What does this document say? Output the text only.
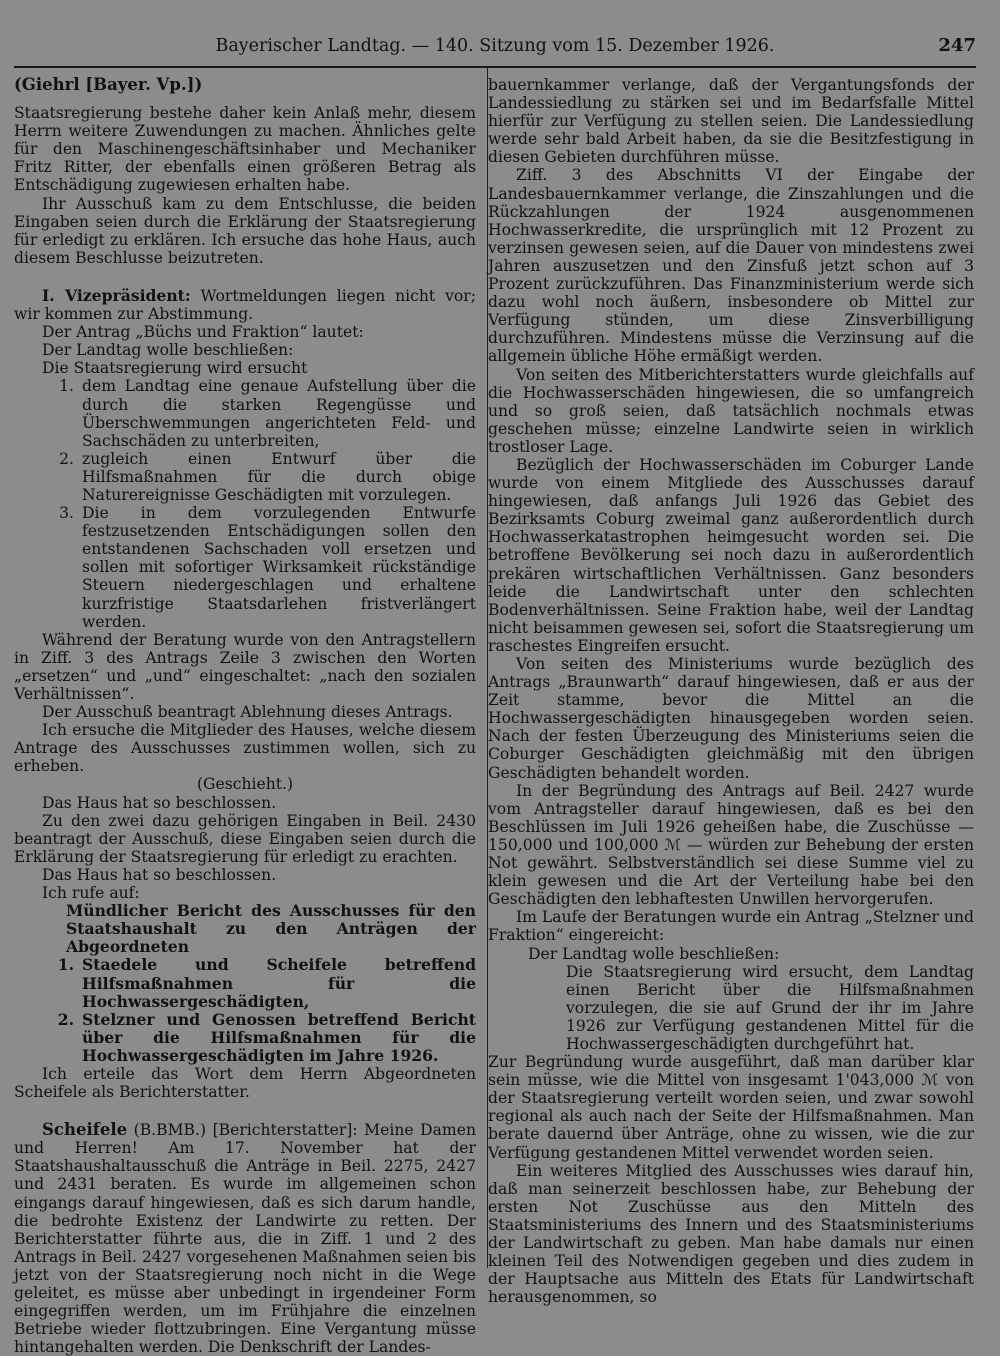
Bayerischer Landtag. — 140. Sitzung vom 15. Dezember 1926.	247

(Giehrl [Bayer. Vp.])

Staatsregierung bestehe daher kein Anlaß mehr, diesem Herrn weitere Zuwendungen zu machen. Ähnliches gelte für den Maschinengeschäftsinhaber und Mechaniker Fritz Ritter, der ebenfalls einen größeren Betrag als Entschädigung zugewiesen erhalten habe.

Ihr Ausschuß kam zu dem Entschlusse, die beiden Eingaben seien durch die Erklärung der Staatsregierung für erledigt zu erklären. Ich ersuche das hohe Haus, auch diesem Beschlusse beizutreten.

I. Vizepräsident: Wortmeldungen liegen nicht vor; wir kommen zur Abstimmung.

Der Antrag „Büchs und Fraktion“ lautet:

Der Landtag wolle beschließen:

Die Staatsregierung wird ersucht

1. dem Landtag eine genaue Aufstellung über die durch die starken Regengüsse und Überschwemmungen angerichteten Feld- und Sachschäden zu unterbreiten,
2. zugleich einen Entwurf über die Hilfsmaßnahmen für die durch obige Naturereignisse Geschädigten mit vorzulegen.
3. Die in dem vorzulegenden Entwurfe festzusetzenden Entschädigungen sollen den entstandenen Sachschaden voll ersetzen und sollen mit sofortiger Wirksamkeit rückständige Steuern niedergeschlagen und erhaltene kurzfristige Staatsdarlehen fristverlängert werden.

Während der Beratung wurde von den Antragstellern in Ziff. 3 des Antrags Zeile 3 zwischen den Worten „ersetzen“ und „und“ eingeschaltet: „nach den sozialen Verhältnissen“.

Der Ausschuß beantragt Ablehnung dieses Antrags.

Ich ersuche die Mitglieder des Hauses, welche diesem Antrage des Ausschusses zustimmen wollen, sich zu erheben.

(Geschieht.)

Das Haus hat so beschlossen.

Zu den zwei dazu gehörigen Eingaben in Beil. 2430 beantragt der Ausschuß, diese Eingaben seien durch die Erklärung der Staatsregierung für erledigt zu erachten.

Das Haus hat so beschlossen.

Ich rufe auf:

Mündlicher Bericht des Ausschusses für den Staatshaushalt zu den Anträgen der Abgeordneten

1. Staedele und Scheifele betreffend Hilfsmaßnahmen für die Hochwassergeschädigten,
2. Stelzner und Genossen betreffend Bericht über die Hilfsmaßnahmen für die Hochwassergeschädigten im Jahre 1926.

Ich erteile das Wort dem Herrn Abgeordneten Scheifele als Berichterstatter.

Scheifele (B.BMB.) [Berichterstatter]: Meine Damen und Herren! Am 17. November hat der Staatshaushaltausschuß die Anträge in Beil. 2275, 2427 und 2431 beraten. Es wurde im allgemeinen schon eingangs darauf hingewiesen, daß es sich darum handle, die bedrohte Existenz der Landwirte zu retten. Der Berichterstatter führte aus, die in Ziff. 1 und 2 des Antrags in Beil. 2427 vorgesehenen Maßnahmen seien bis jetzt von der Staatsregierung noch nicht in die Wege geleitet, es müsse aber unbedingt in irgendeiner Form eingegriffen werden, um im Frühjahre die einzelnen Betriebe wieder flottzubringen. Eine Vergantung müsse hintangehalten werden. Die Denkschrift der Landes-

bauernkammer verlange, daß der Vergantungsfonds der Landessiedlung zu stärken sei und im Bedarfsfalle Mittel hierfür zur Verfügung zu stellen seien. Die Landessiedlung werde sehr bald Arbeit haben, da sie die Besitzfestigung in diesen Gebieten durchführen müsse.

Ziff. 3 des Abschnitts VI der Eingabe der Landesbauernkammer verlange, die Zinszahlungen und die Rückzahlungen der 1924 ausgenommenen Hochwasserkredite, die ursprünglich mit 12 Prozent zu verzinsen gewesen seien, auf die Dauer von mindestens zwei Jahren auszusetzen und den Zinsfuß jetzt schon auf 3 Prozent zurückzuführen. Das Finanzministerium werde sich dazu wohl noch äußern, insbesondere ob Mittel zur Verfügung stünden, um diese Zinsverbilligung durchzuführen. Mindestens müsse die Verzinsung auf die allgemein übliche Höhe ermäßigt werden.

Von seiten des Mitberichterstatters wurde gleichfalls auf die Hochwasserschäden hingewiesen, die so umfangreich und so groß seien, daß tatsächlich nochmals etwas geschehen müsse; einzelne Landwirte seien in wirklich trostloser Lage.

Bezüglich der Hochwasserschäden im Coburger Lande wurde von einem Mitgliede des Ausschusses darauf hingewiesen, daß anfangs Juli 1926 das Gebiet des Bezirksamts Coburg zweimal ganz außerordentlich durch Hochwasserkatastrophen heimgesucht worden sei. Die betroffene Bevölkerung sei noch dazu in außerordentlich prekären wirtschaftlichen Verhältnissen. Ganz besonders leide die Landwirtschaft unter den schlechten Bodenverhältnissen. Seine Fraktion habe, weil der Landtag nicht beisammen gewesen sei, sofort die Staatsregierung um raschestes Eingreifen ersucht.

Von seiten des Ministeriums wurde bezüglich des Antrags „Braunwarth“ darauf hingewiesen, daß er aus der Zeit stamme, bevor die Mittel an die Hochwassergeschädigten hinausgegeben worden seien. Nach der festen Überzeugung des Ministeriums seien die Coburger Geschädigten gleichmäßig mit den übrigen Geschädigten behandelt worden.

In der Begründung des Antrags auf Beil. 2427 wurde vom Antragsteller darauf hingewiesen, daß es bei den Beschlüssen im Juli 1926 geheißen habe, die Zuschüsse — 150,000 und 100,000 ℳ — würden zur Behebung der ersten Not gewährt. Selbstverständlich sei diese Summe viel zu klein gewesen und die Art der Verteilung habe bei den Geschädigten den lebhaftesten Unwillen hervorgerufen.

Im Laufe der Beratungen wurde ein Antrag „Stelzner und Fraktion“ eingereicht:

Der Landtag wolle beschließen:

Die Staatsregierung wird ersucht, dem Landtag einen Bericht über die Hilfsmaßnahmen vorzulegen, die sie auf Grund der ihr im Jahre 1926 zur Verfügung gestandenen Mittel für die Hochwassergeschädigten durchgeführt hat.

Zur Begründung wurde ausgeführt, daß man darüber klar sein müsse, wie die Mittel von insgesamt 1'043,000 ℳ von der Staatsregierung verteilt worden seien, und zwar sowohl regional als auch nach der Seite der Hilfsmaßnahmen. Man berate dauernd über Anträge, ohne zu wissen, wie die zur Verfügung gestandenen Mittel verwendet worden seien.

Ein weiteres Mitglied des Ausschusses wies darauf hin, daß man seinerzeit beschlossen habe, zur Behebung der ersten Not Zuschüsse aus den Mitteln des Staatsministeriums des Innern und des Staatsministeriums der Landwirtschaft zu geben. Man habe damals nur einen kleinen Teil des Notwendigen gegeben und dies zudem in der Hauptsache aus Mitteln des Etats für Landwirtschaft herausgenommen, so
